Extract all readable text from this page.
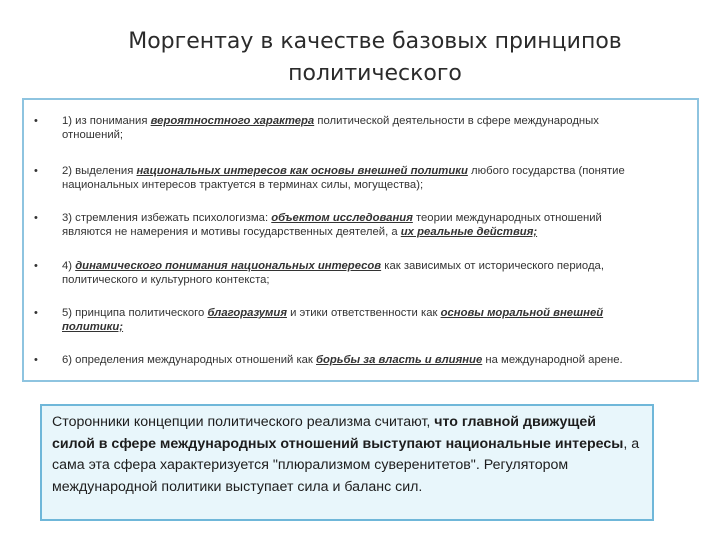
Моргентау в качестве базовых принципов политического
• 1) из понимания вероятностного характера политической деятельности в сфере международных
отношений;
• 2) выделения национальных интересов как основы внешней политики любого государства (понятие
национальных интересов трактуется в терминах силы, могущества);
• 3) стремления избежать психологизма: объектом исследования теории международных отношений
являются не намерения и мотивы государственных деятелей, а их реальные действия;
• 4) динамического понимания национальных интересов как зависимых от исторического периода,
политического и культурного контекста;
• 5) принципа политического благоразумия и этики ответственности как основы моральной внешней
политики;
• 6) определения международных отношений как борьбы за власть и влияние на международной арене.
Сторонники концепции политического реализма считают, что главной движущей силой в сфере международных отношений выступают национальные интересы, а сама эта сфера характеризуется "плюрализмом суверенитетов". Регулятором международной политики выступает сила и баланс сил.
